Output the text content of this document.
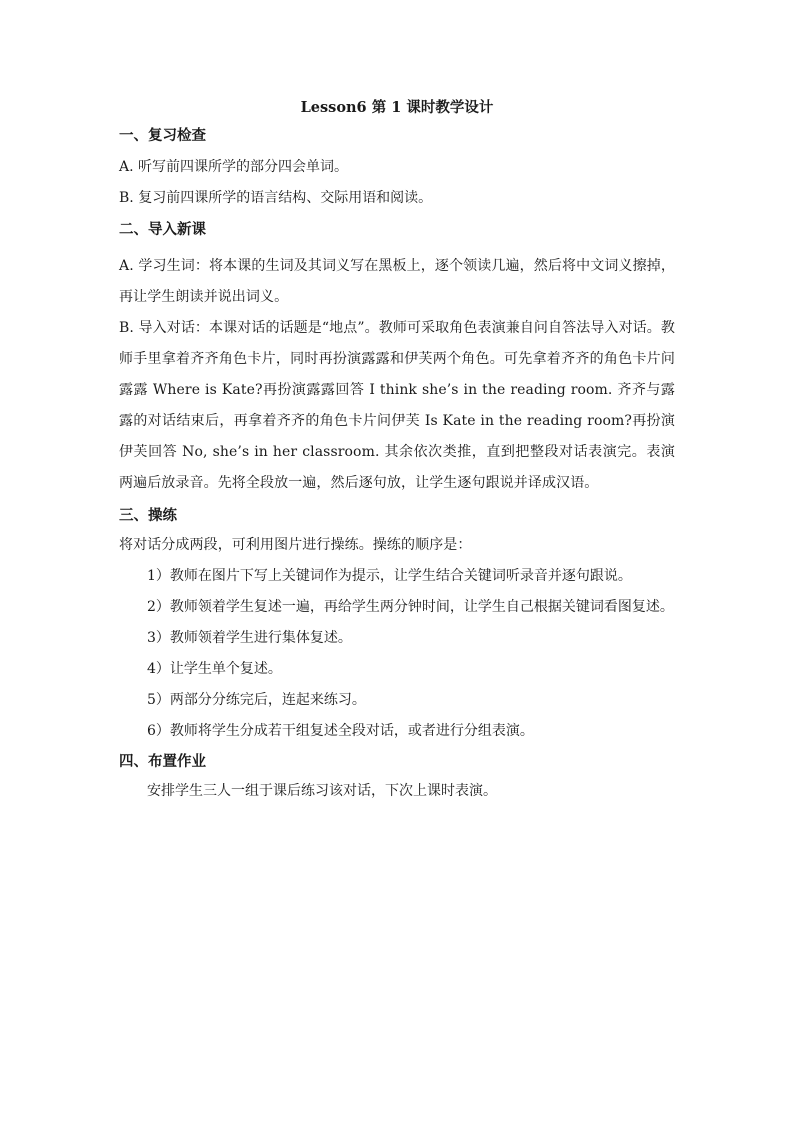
Lesson6 第 1 课时教学设计
一、复习检查

A. 听写前四课所学的部分四会单词。

B. 复习前四课所学的语言结构、交际用语和阅读。

二、导入新课

A. 学习生词：将本课的生词及其词义写在黑板上，逐个领读几遍，然后将中文词义擦掉，再让学生朗读并说出词义。

B. 导入对话：本课对话的话题是“地点”。教师可采取角色表演兼自问自答法导入对话。教师手里拿着齐齐角色卡片，同时再扮演露露和伊芙两个角色。可先拿着齐齐的角色卡片问露露 Where is Kate?再扮演露露回答 I think she’s in the reading room. 齐齐与露露的对话结束后，再拿着齐齐的角色卡片问伊芙 Is Kate in the reading room?再扮演伊芙回答 No, she’s in her classroom. 其余依次类推，直到把整段对话表演完。表演两遍后放录音。先将全段放一遍，然后逐句放，让学生逐句跟说并译成汉语。

三、操练

将对话分成两段，可利用图片进行操练。操练的顺序是：

1）教师在图片下写上关键词作为提示，让学生结合关键词听录音并逐句跟说。

2）教师领着学生复述一遍，再给学生两分钟时间，让学生自己根据关键词看图复述。

3）教师领着学生进行集体复述。

4）让学生单个复述。

5）两部分分练完后，连起来练习。

6）教师将学生分成若干组复述全段对话，或者进行分组表演。

四、布置作业

安排学生三人一组于课后练习该对话，下次上课时表演。
